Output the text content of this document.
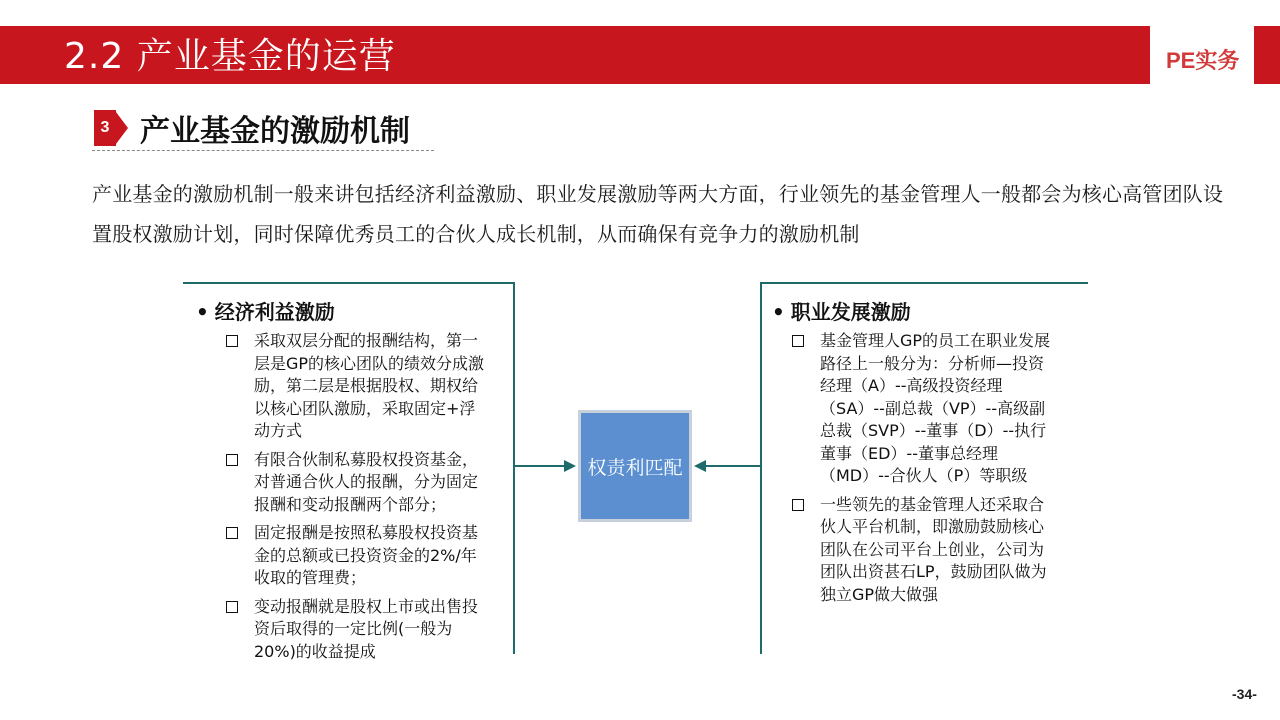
2.2 产业基金的运营	PE实务
3 产业基金的激励机制
产业基金的激励机制一般来讲包括经济利益激励、职业发展激励等两大方面，行业领先的基金管理人一般都会为核心高管团队设置股权激励计划，同时保障优秀员工的合伙人成长机制，从而确保有竞争力的激励机制
• 经济利益激励
采取双层分配的报酬结构，第一层是GP的核心团队的绩效分成激励，第二层是根据股权、期权给以核心团队激励，采取固定+浮动方式
有限合伙制私募股权投资基金，对普通合伙人的报酬，分为固定报酬和变动报酬两个部分；
固定报酬是按照私募股权投资基金的总额或已投资资金的2%/年收取的管理费；
变动报酬就是股权上市或出售投资后取得的一定比例(一般为20%)的收益提成
权责利匹配
• 职业发展激励
基金管理人GP的员工在职业发展路径上一般分为：分析师—投资经理（A）--高级投资经理（SA）--副总裁（VP）--高级副总裁（SVP）--董事（D）--执行董事（ED）--董事总经理（MD）--合伙人（P）等职级
一些领先的基金管理人还采取合伙人平台机制，即激励鼓励核心团队在公司平台上创业，公司为团队出资甚石LP，鼓励团队做为独立GP做大做强
-34-
